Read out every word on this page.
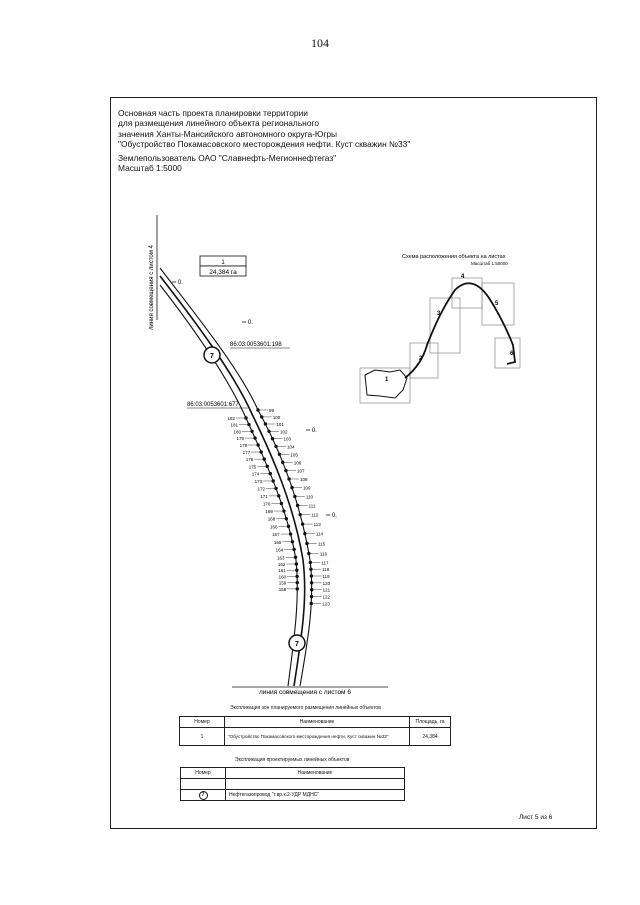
104
Основная часть проекта планировки территории
для размещения линейного объекта регионального
значения Ханты-Мансийского автономного округа-Югры
"Обустройство Покамасовского месторождения нефти. Куст скважин №33"
Землепользователь ОАО "Славнефть-Мегионнефтегаз"
Масштаб 1:5000
линия совмещения с листом 4
линия совмещения с листом 6
1
24,384 га
86:03:0053601:198
86:03:0053601:677
7
7
═ 0.
═ 0.
═ 0.
═ 0.
99
100
101
102
103
104
105
106
107
108
109
110
111
112
113
114
115
116
117
118
119
120
121
122
123
182
181
180
179
178
177
176
175
174
173
172
171
170
169
168
166
167
165
164
163
162
161
160
159
158
Схема расположения объекта на листах
Масштаб 1:50000
1
2
3
4
5
6
Экспликация зон планируемого размещения линейных объектов
Номер	Наименование	Площадь, га
1	"Обустройство Покамасовского месторождения нефти. Куст скважин №33"	24,384
Экспликация проектируемых линейных объектов
Номер	Наименование

7	Нефтегазопровод "т.вр.к.2-УДР МДНС"
Лист 5 из 6
